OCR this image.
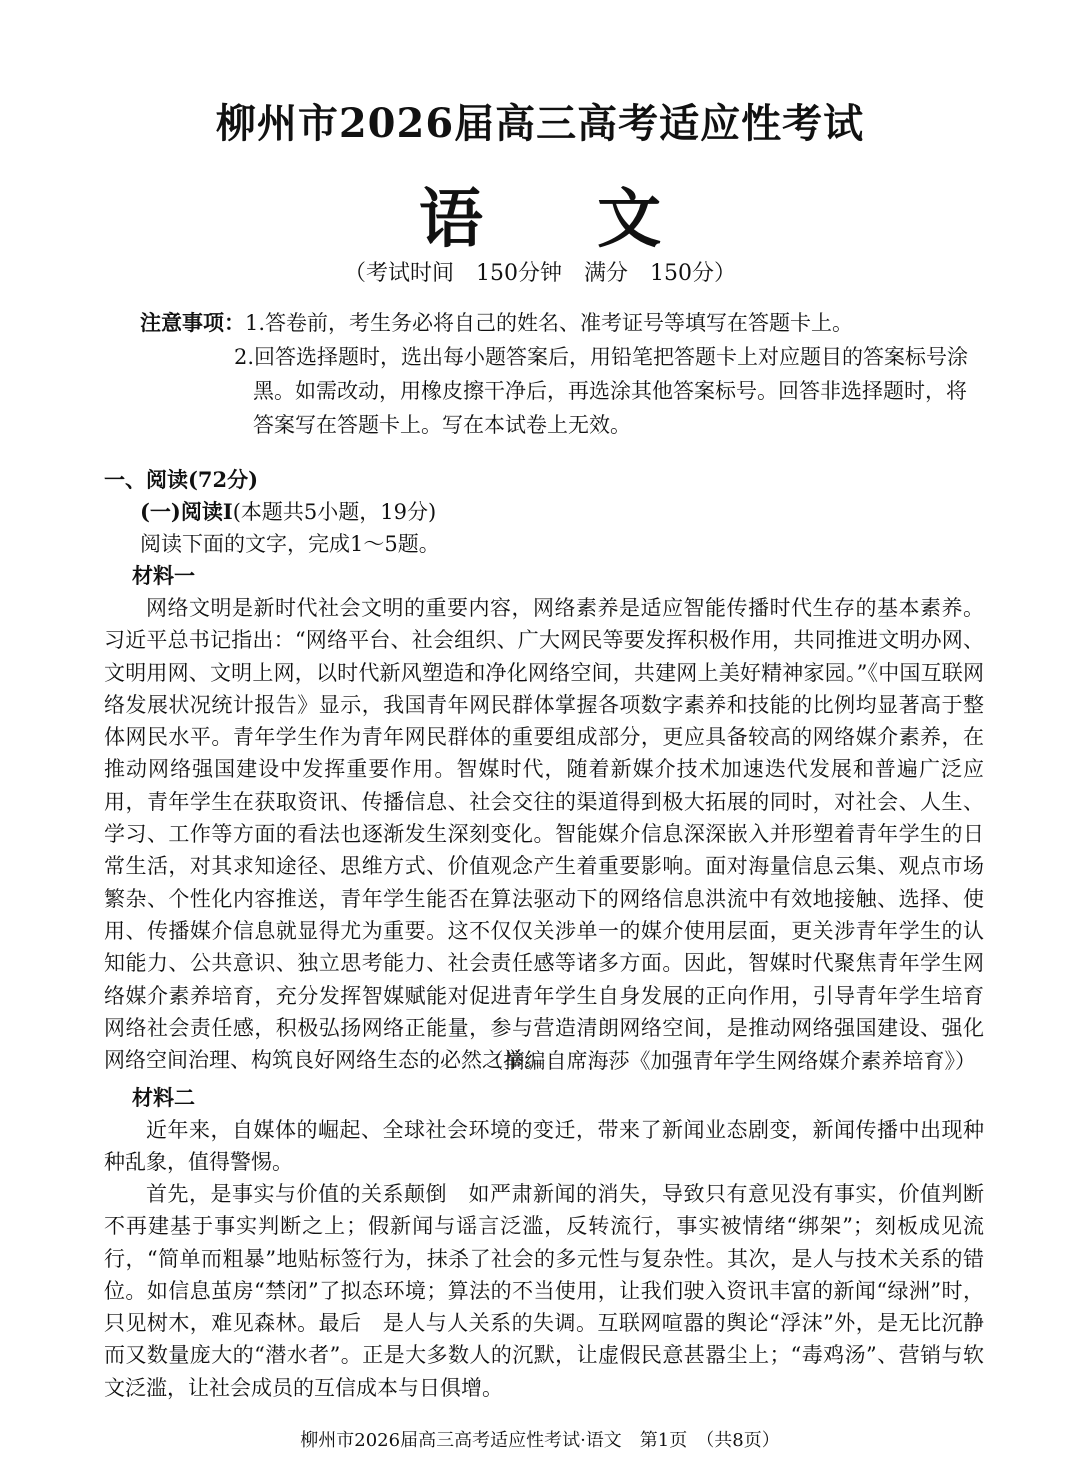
柳州市2026届高三高考适应性考试
语 文
（考试时间　150分钟　满分　150分）
注意事项：1.答卷前，考生务必将自己的姓名、准考证号等填写在答题卡上。
2.回答选择题时，选出每小题答案后，用铅笔把答题卡上对应题目的答案标号涂
黑。如需改动，用橡皮擦干净后，再选涂其他答案标号。回答非选择题时，将
答案写在答题卡上。写在本试卷上无效。
一、阅读(72分)
(一)阅读I(本题共5小题，19分)
阅读下面的文字，完成1～5题。
材料一

网络文明是新时代社会文明的重要内容，网络素养是适应智能传播时代生存的基本素养。习近平总书记指出：“网络平台、社会组织、广大网民等要发挥积极作用，共同推进文明办网、文明用网、文明上网，以时代新风塑造和净化网络空间，共建网上美好精神家园。”《中国互联网络发展状况统计报告》显示，我国青年网民群体掌握各项数字素养和技能的比例均显著高于整体网民水平。青年学生作为青年网民群体的重要组成部分，更应具备较高的网络媒介素养，在推动网络强国建设中发挥重要作用。智媒时代，随着新媒介技术加速迭代发展和普遍广泛应用，青年学生在获取资讯、传播信息、社会交往的渠道得到极大拓展的同时，对社会、人生、学习、工作等方面的看法也逐渐发生深刻变化。智能媒介信息深深嵌入并形塑着青年学生的日常生活，对其求知途径、思维方式、价值观念产生着重要影响。面对海量信息云集、观点市场繁杂、个性化内容推送，青年学生能否在算法驱动下的网络信息洪流中有效地接触、选择、使用、传播媒介信息就显得尤为重要。这不仅仅关涉单一的媒介使用层面，更关涉青年学生的认知能力、公共意识、独立思考能力、社会责任感等诸多方面。因此，智媒时代聚焦青年学生网络媒介素养培育，充分发挥智媒赋能对促进青年学生自身发展的正向作用，引导青年学生培育网络社会责任感，积极弘扬网络正能量，参与营造清朗网络空间，是推动网络强国建设、强化网络空间治理、构筑良好网络生态的必然之举。

（摘编自席海莎《加强青年学生网络媒介素养培育》）
材料二

近年来，自媒体的崛起、全球社会环境的变迁，带来了新闻业态剧变，新闻传播中出现种种乱象，值得警惕。

首先，是事实与价值的关系颠倒　如严肃新闻的消失，导致只有意见没有事实，价值判断不再建基于事实判断之上；假新闻与谣言泛滥，反转流行，事实被情绪“绑架”；刻板成见流行，“简单而粗暴”地贴标签行为，抹杀了社会的多元性与复杂性。其次，是人与技术关系的错位。如信息茧房“禁闭”了拟态环境；算法的不当使用，让我们驶入资讯丰富的新闻“绿洲”时，只见树木，难见森林。最后　是人与人关系的失调。互联网喧嚣的舆论“浮沫”外，是无比沉静而又数量庞大的“潜水者”。正是大多数人的沉默，让虚假民意甚嚣尘上；“毒鸡汤”、营销与软文泛滥，让社会成员的互信成本与日俱增。

柳州市2026届高三高考适应性考试·语文　第1页　（共8页）
